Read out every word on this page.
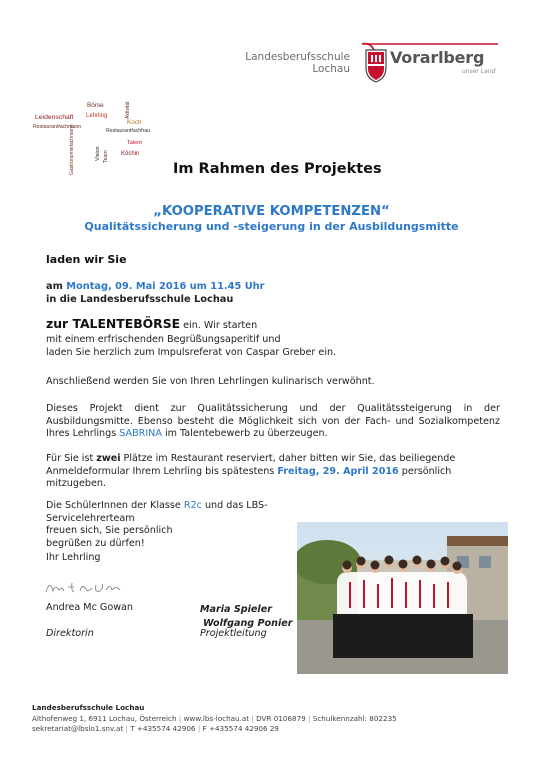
Landesberufsschule
Lochau
Vorarlberg
unser Land
Börse
Leidenschaft Lehrling
Restaurantfachmann
Koch
Restaurantfachfrau
Gastronomiefachmann	Köchin
Talent
Aktivität
Vision Team
Im Rahmen des Projektes
„KOOPERATIVE KOMPETENZEN“
Qualitätssicherung und -steigerung in der Ausbildungsmitte
laden wir Sie
am Montag, 09. Mai 2016 um 11.45 Uhr
in die Landesberufsschule Lochau
zur TALENTEBÖRSE ein. Wir starten
mit einem erfrischenden Begrüßungsaperitif und
laden Sie herzlich zum Impulsreferat von Caspar Greber ein.
Anschließend werden Sie von Ihren Lehrlingen kulinarisch verwöhnt.
Dieses Projekt dient zur Qualitätssicherung und der Qualitätssteigerung in der Ausbildungsmitte. Ebenso besteht die Möglichkeit sich von der Fach- und Sozialkompetenz Ihres Lehrlings SABRINA im Talentebewerb zu überzeugen.
Für Sie ist zwei Plätze im Restaurant reserviert, daher bitten wir Sie, das beiliegende Anmeldeformular Ihrem Lehrling bis spätestens Freitag, 29. April 2016 persönlich mitzugeben.
Die SchülerInnen der Klasse R2c und das LBS- Servicelehrerteam
freuen sich, Sie persönlich
begrüßen zu dürfen!
Ihr Lehrling
Andrea Mc Gowan
Direktorin
Maria Spieler
Wolfgang Ponier
Projektleitung
Landesberufsschule Lochau
Althofenweg 1, 6911 Lochau, Österreich | www.lbs-lochau.at | DVR 0106879 | Schulkennzahl: 802235
sekretariat@lbslo1.snv.at | T +435574 42906 | F +435574 42906 29
